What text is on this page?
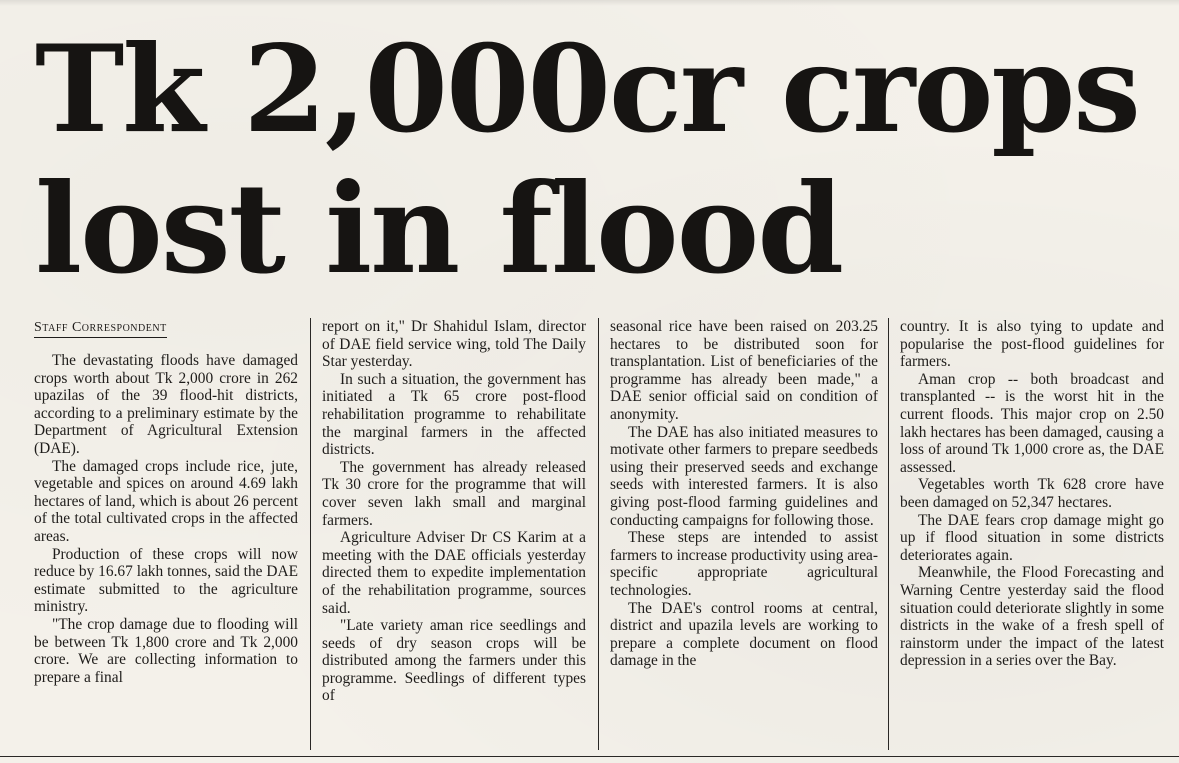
Tk 2,000cr crops
lost in flood
Staff Correspondent

The devastating floods have damaged crops worth about Tk 2,000 crore in 262 upazilas of the 39 flood-hit districts, according to a preliminary estimate by the Department of Agricultural Extension (DAE).

The damaged crops include rice, jute, vegetable and spices on around 4.69 lakh hectares of land, which is about 26 percent of the total cultivated crops in the affected areas.

Production of these crops will now reduce by 16.67 lakh tonnes, said the DAE estimate submitted to the agriculture ministry.

"The crop damage due to flooding will be between Tk 1,800 crore and Tk 2,000 crore. We are collecting information to prepare a final

report on it," Dr Shahidul Islam, director of DAE field service wing, told The Daily Star yesterday.

In such a situation, the government has initiated a Tk 65 crore post-flood rehabilitation programme to rehabilitate the marginal farmers in the affected districts.

The government has already released Tk 30 crore for the programme that will cover seven lakh small and marginal farmers.

Agriculture Adviser Dr CS Karim at a meeting with the DAE officials yesterday directed them to expedite implementation of the rehabilitation programme, sources said.

"Late variety aman rice seedlings and seeds of dry season crops will be distributed among the farmers under this programme. Seedlings of different types of

seasonal rice have been raised on 203.25 hectares to be distributed soon for transplantation. List of beneficiaries of the programme has already been made," a DAE senior official said on condition of anonymity.

The DAE has also initiated measures to motivate other farmers to prepare seedbeds using their preserved seeds and exchange seeds with interested farmers. It is also giving post-flood farming guidelines and conducting campaigns for following those.

These steps are intended to assist farmers to increase productivity using area-specific appropriate agricultural technologies.

The DAE's control rooms at central, district and upazila levels are working to prepare a complete document on flood damage in the

country. It is also tying to update and popularise the post-flood guidelines for farmers.

Aman crop -- both broadcast and transplanted -- is the worst hit in the current floods. This major crop on 2.50 lakh hectares has been damaged, causing a loss of around Tk 1,000 crore as, the DAE assessed.

Vegetables worth Tk 628 crore have been damaged on 52,347 hectares.

The DAE fears crop damage might go up if flood situation in some districts deteriorates again.

Meanwhile, the Flood Forecasting and Warning Centre yesterday said the flood situation could deteriorate slightly in some districts in the wake of a fresh spell of rainstorm under the impact of the latest depression in a series over the Bay.
